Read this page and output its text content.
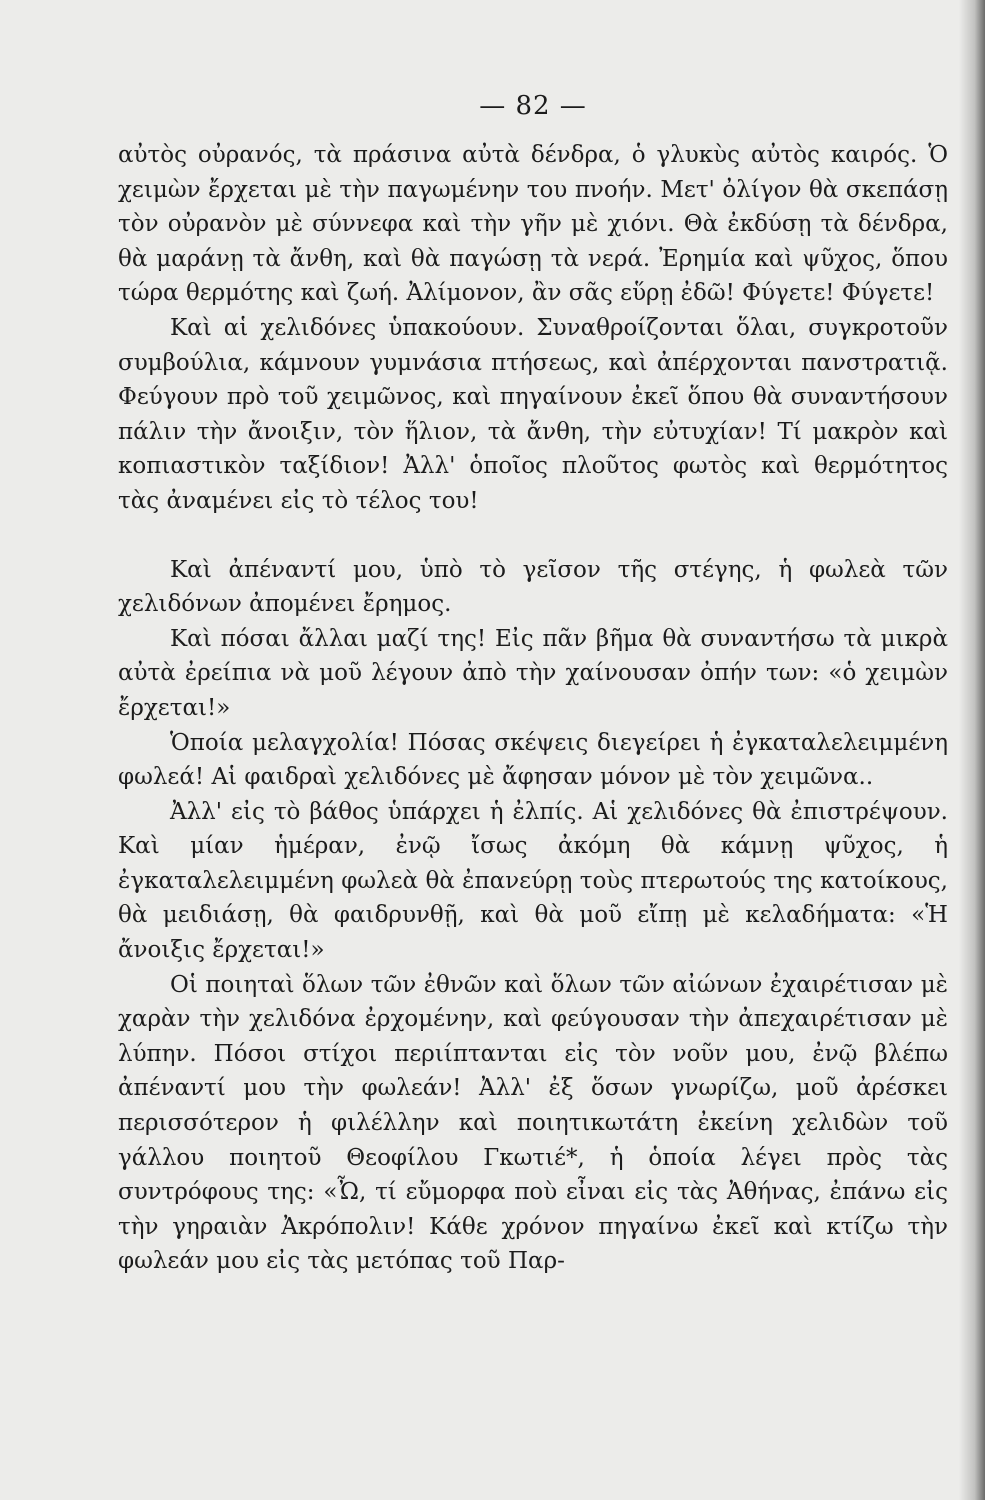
— 82 —

αὐτὸς οὐρανός, τὰ πράσινα αὐτὰ δένδρα, ὁ γλυκὺς αὐτὸς καιρός. Ὁ χειμὼν ἔρχεται μὲ τὴν παγωμένην του πνοήν. Μετ' ὀλίγον θὰ σκεπάσῃ τὸν οὐρανὸν μὲ σύννεφα καὶ τὴν γῆν μὲ χιόνι. Θὰ ἐκδύσῃ τὰ δένδρα, θὰ μαράνῃ τὰ ἄνθη, καὶ θὰ παγώσῃ τὰ νερά. Ἐρημία καὶ ψῦχος, ὅπου τώρα θερμότης καὶ ζωή. Ἀλίμονον, ἂν σᾶς εὕρῃ ἐδῶ! Φύγετε! Φύγετε!

Καὶ αἱ χελιδόνες ὑπακούουν. Συναθροίζονται ὅλαι, συγκροτοῦν συμβούλια, κάμνουν γυμνάσια πτήσεως, καὶ ἀπέρχονται πανστρατιᾷ. Φεύγουν πρὸ τοῦ χειμῶνος, καὶ πηγαίνουν ἐκεῖ ὅπου θὰ συναντήσουν πάλιν τὴν ἄνοιξιν, τὸν ἥλιον, τὰ ἄνθη, τὴν εὐτυχίαν! Τί μακρὸν καὶ κοπιαστικὸν ταξίδιον! Ἀλλ' ὁποῖος πλοῦτος φωτὸς καὶ θερμότητος τὰς ἀναμένει εἰς τὸ τέλος του!

Καὶ ἀπέναντί μου, ὑπὸ τὸ γεῖσον τῆς στέγης, ἡ φωλεὰ τῶν χελιδόνων ἀπομένει ἔρημος.

Καὶ πόσαι ἄλλαι μαζί της! Εἰς πᾶν βῆμα θὰ συναντήσω τὰ μικρὰ αὐτὰ ἐρείπια νὰ μοῦ λέγουν ἀπὸ τὴν χαίνουσαν ὀπήν των: «ὁ χειμὼν ἔρχεται!»

Ὁποία μελαγχολία! Πόσας σκέψεις διεγείρει ἡ ἐγκαταλελειμμένη φωλεά! Αἱ φαιδραὶ χελιδόνες μὲ ἄφησαν μόνον μὲ τὸν χειμῶνα..

Ἀλλ' εἰς τὸ βάθος ὑπάρχει ἡ ἐλπίς. Αἱ χελιδόνες θὰ ἐπιστρέψουν. Καὶ μίαν ἡμέραν, ἐνῷ ἴσως ἀκόμη θὰ κάμνῃ ψῦχος, ἡ ἐγκαταλελειμμένη φωλεὰ θὰ ἐπανεύρῃ τοὺς πτερωτούς της κατοίκους, θὰ μειδιάσῃ, θὰ φαιδρυνθῇ, καὶ θὰ μοῦ εἴπῃ μὲ κελαδήματα: «Ἡ ἄνοιξις ἔρχεται!»

Οἱ ποιηταὶ ὅλων τῶν ἐθνῶν καὶ ὅλων τῶν αἰώνων ἐχαιρέτισαν μὲ χαρὰν τὴν χελιδόνα ἐρχομένην, καὶ φεύγουσαν τὴν ἀπεχαιρέτισαν μὲ λύπην. Πόσοι στίχοι περιίπτανται εἰς τὸν νοῦν μου, ἐνῷ βλέπω ἀπέναντί μου τὴν φωλεάν! Ἀλλ' ἐξ ὅσων γνωρίζω, μοῦ ἀρέσκει περισσότερον ἡ φιλέλλην καὶ ποιητικωτάτη ἐκείνη χελιδὼν τοῦ γάλλου ποιητοῦ Θεοφίλου Γκωτιέ*, ἡ ὁποία λέγει πρὸς τὰς συντρόφους της: «Ὦ, τί εὔμορφα ποὺ εἶναι εἰς τὰς Ἀθήνας, ἐπάνω εἰς τὴν γηραιὰν Ἀκρόπολιν! Κάθε χρόνον πηγαίνω ἐκεῖ καὶ κτίζω τὴν φωλεάν μου εἰς τὰς μετόπας τοῦ Παρ-
